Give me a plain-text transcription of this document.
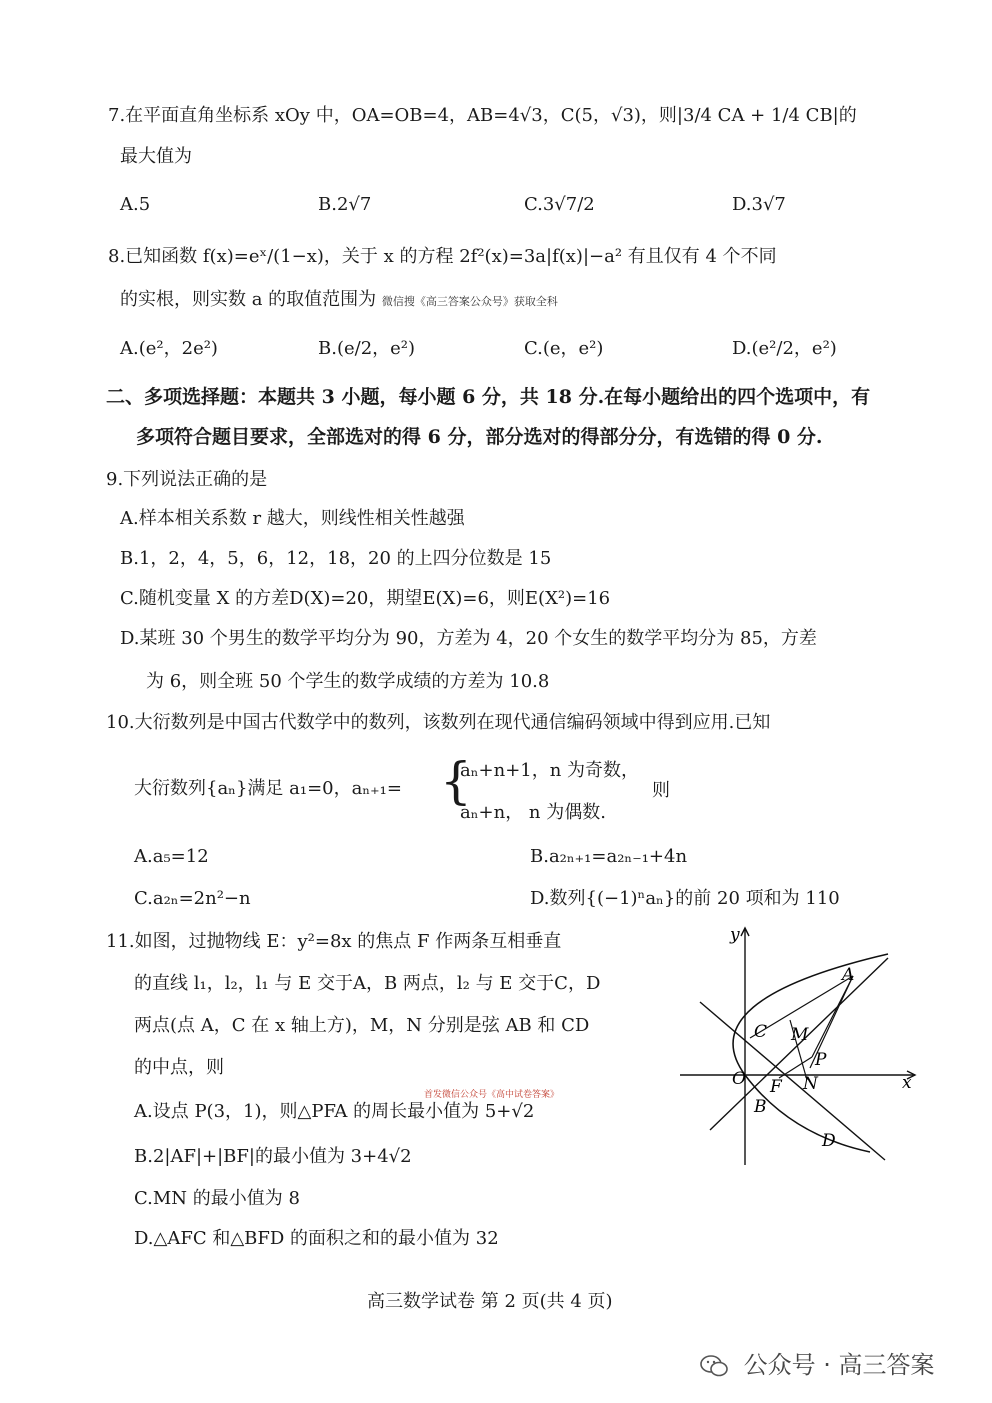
7.在平面直角坐标系 xOy 中，OA=OB=4，AB=4√3，C(5，√3)，则|3/4 CA + 1/4 CB|的
最大值为
A.5	B.2√7	C.3√7/2	D.3√7
8.已知函数 f(x)=eˣ/(1−x)，关于 x 的方程 2f²(x)=3a|f(x)|−a² 有且仅有 4 个不同
的实根，则实数 a 的取值范围为 微信搜《高三答案公众号》获取全科
A.(e²，2e²)	B.(e/2，e²)	C.(e，e²)	D.(e²/2，e²)
二、多项选择题：本题共 3 小题，每小题 6 分，共 18 分.在每小题给出的四个选项中，有
多项符合题目要求，全部选对的得 6 分，部分选对的得部分分，有选错的得 0 分.
9.下列说法正确的是
A.样本相关系数 r 越大，则线性相关性越强
B.1，2，4，5，6，12，18，20 的上四分位数是 15
C.随机变量 X 的方差D(X)=20，期望E(X)=6，则E(X²)=16
D.某班 30 个男生的数学平均分为 90，方差为 4，20 个女生的数学平均分为 85，方差
为 6，则全班 50 个学生的数学成绩的方差为 10.8
10.大衍数列是中国古代数学中的数列，该数列在现代通信编码领域中得到应用.已知
大衍数列{aₙ}满足 a₁=0，aₙ₊₁= {
aₙ+n+1，n 为奇数，
aₙ+n， n 为偶数.
则
A.a₅=12	B.a₂ₙ₊₁=a₂ₙ₋₁+4n
C.a₂ₙ=2n²−n	D.数列{(−1)ⁿaₙ}的前 20 项和为 110
11.如图，过抛物线 E：y²=8x 的焦点 F 作两条互相垂直
的直线 l₁，l₂，l₁ 与 E 交于A，B 两点，l₂ 与 E 交于C，D
两点(点 A，C 在 x 轴上方)，M，N 分别是弦 AB 和 CD
的中点，则
首发微信公众号《高中试卷答案》
A.设点 P(3，1)，则△PFA 的周长最小值为 5+√2
B.2|AF|+|BF|的最小值为 3+4√2
C.MN 的最小值为 8
D.△AFC 和△BFD 的面积之和的最小值为 32
y
x
A
C M
P
O F N
B
D
高三数学试卷 第 2 页(共 4 页)
公众号 · 高三答案
